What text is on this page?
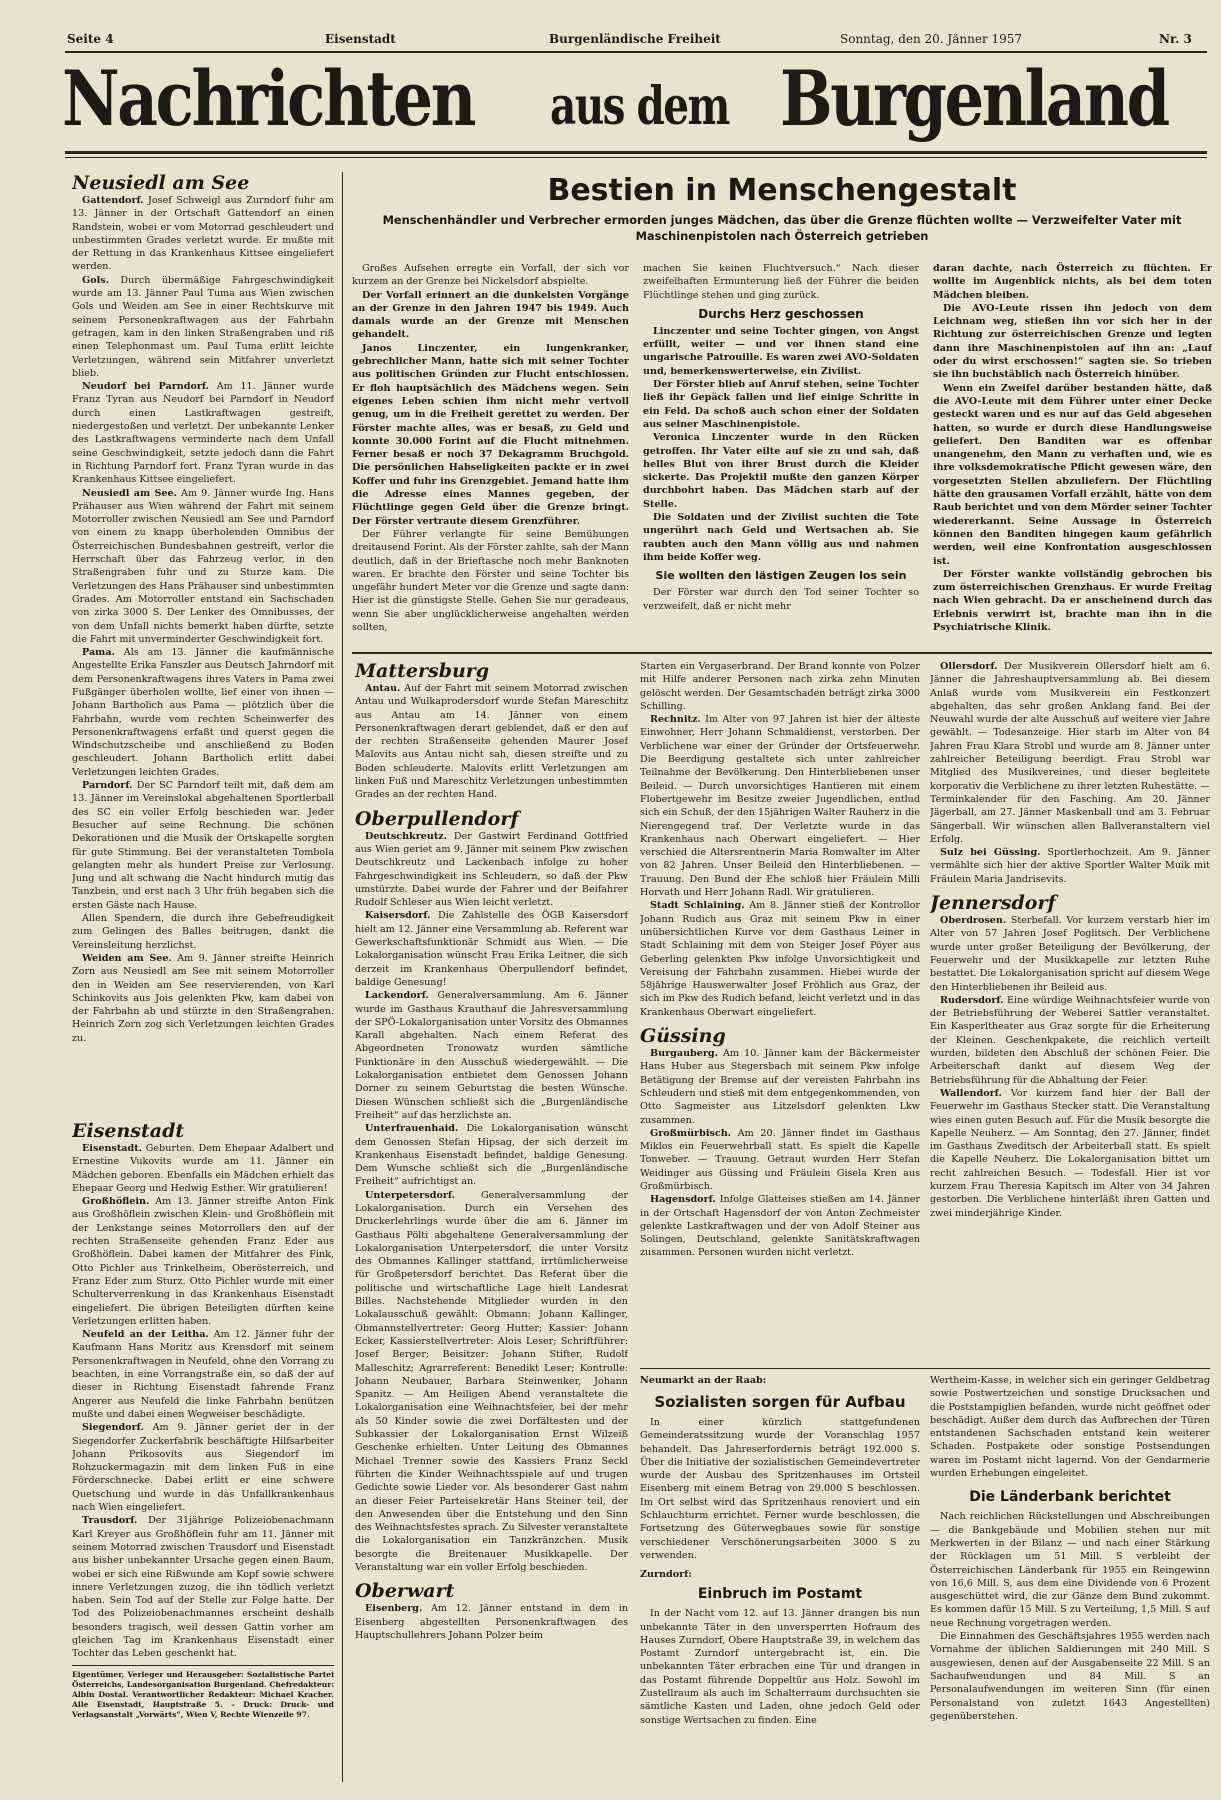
Seite 4	Eisenstadt	Burgenländische Freiheit	Sonntag, den 20. Jänner 1957	Nr. 3
Nachrichten aus dem Burgenland
Neusiedl am See

Gattendorf. Josef Schweigl aus Zurndorf fuhr am 13. Jänner in der Ortschaft Gattendorf an einen Randstein, wobei er vom Motorrad geschleudert und unbestimmten Grades verletzt wurde. Er mußte mit der Rettung in das Krankenhaus Kittsee eingeliefert werden.

Gols. Durch übermäßige Fahrgeschwindigkeit wurde am 13. Jänner Paul Tuma aus Wien zwischen Gols und Weiden am See in einer Rechtskurve mit seinem Personenkraftwagen aus der Fahrbahn getragen, kam in den linken Straßengraben und riß einen Telephonmast um. Paul Tuma erlitt leichte Verletzungen, während sein Mitfahrer unverletzt blieb.

Neudorf bei Parndorf. Am 11. Jänner wurde Franz Tyran aus Neudorf bei Parndorf in Neudorf durch einen Lastkraftwagen gestreift, niedergestoßen und verletzt. Der unbekannte Lenker des Lastkraftwagens verminderte nach dem Unfall seine Geschwindigkeit, setzte jedoch dann die Fahrt in Richtung Parndorf fort. Franz Tyran wurde in das Krankenhaus Kittsee eingeliefert.

Neusiedl am See. Am 9. Jänner wurde Ing. Hans Prähauser aus Wien während der Fahrt mit seinem Motorroller zwischen Neusiedl am See und Parndorf von einem zu knapp überholenden Omnibus der Österreichischen Bundesbahnen gestreift, verlor die Herrschaft über das Fahrzeug verlor, in den Straßengraben fuhr und zu Sturze kam. Die Verletzungen des Hans Prähauser sind unbestimmten Grades. Am Motorroller entstand ein Sachschaden von zirka 3000 S. Der Lenker des Omnibusses, der von dem Unfall nichts bemerkt haben dürfte, setzte die Fahrt mit unverminderter Geschwindigkeit fort.

Pama. Als am 13. Jänner die kaufmännische Angestellte Erika Fanszler aus Deutsch Jahrndorf mit dem Personenkraftwagens ihres Vaters in Pama zwei Fußgänger überholen wollte, lief einer von ihnen — Johann Bartholich aus Pama — plötzlich über die Fahrbahn, wurde vom rechten Scheinwerfer des Personenkraftwagens erfaßt und querst gegen die Windschutzscheibe und anschließend zu Boden geschleudert. Johann Bartholich erlitt dabei Verletzungen leichten Grades.

Parndorf. Der SC Parndorf teilt mit, daß dem am 13. Jänner im Vereinslokal abgehaltenen Sportlerball des SC ein voller Erfolg beschieden war. Jeder Besucher auf seine Rechnung. Die schönen Dekorationen und die Musik der Ortskapelle sorgten für gute Stimmung. Bei der veranstalteten Tombola gelangten mehr als hundert Preise zur Verlosung. Jung und alt schwang die Nacht hindurch mutig das Tanzbein, und erst nach 3 Uhr früh begaben sich die ersten Gäste nach Hause.

Allen Spendern, die durch ihre Gebefreudigkeit zum Gelingen des Balles beitrugen, dankt die Vereinsleitung herzlichst.

Weiden am See. Am 9. Jänner streifte Heinrich Zorn aus Neusiedl am See mit seinem Motorroller den in Weiden am See reservierenden, von Karl Schinkovits aus Jois gelenkten Pkw, kam dabei von der Fahrbahn ab und stürzte in den Straßengraben. Heinrich Zorn zog sich Verletzungen leichten Grades zu.

Eisenstadt

Eisenstadt. Geburten. Dem Ehepaar Adalbert und Ernestine Vukovits wurde am 11. Jänner ein Mädchen geboren. Ebenfalls ein Mädchen erhielt das Ehepaar Georg und Hedwig Esther. Wir gratulieren!

Großhöflein. Am 13. Jänner streifte Anton Fink aus Großhöflein zwischen Klein- und Großhöflein mit der Lenkstange seines Motorrollers den auf der rechten Straßenseite gehenden Franz Eder aus Großhöflein. Dabei kamen der Mitfahrer des Fink, Otto Pichler aus Trinkelheim, Oberösterreich, und Franz Eder zum Sturz. Otto Pichler wurde mit einer Schulterverrenkung in das Krankenhaus Eisenstadt eingeliefert. Die übrigen Beteiligten dürften keine Verletzungen erlitten haben.

Neufeld an der Leitha. Am 12. Jänner fuhr der Kaufmann Hans Moritz aus Krensdorf mit seinem Personenkraftwagen in Neufeld, ohne den Vorrang zu beachten, in eine Vorrangstraße ein, so daß der auf dieser in Richtung Eisenstadt fahrende Franz Angerer aus Neufeld die linke Fahrbahn benützen mußte und dabei einen Wegweiser beschädigte.

Siegendorf. Am 9. Jänner geriet der in der Siegendorfer Zuckerfabrik beschäftigte Hilfsarbeiter Johann Prikosovits aus Siegendorf im Rohzuckermagazin mit dem linken Fuß in eine Förderschnecke. Dabei erlitt er eine schwere Quetschung und wurde in das Unfallkrankenhaus nach Wien eingeliefert.

Trausdorf. Der 31jährige Polizeiobenachmann Karl Kreyer aus Großhöflein fuhr am 11. Jänner mit seinem Motorrad zwischen Trausdorf und Eisenstadt aus bisher unbekannter Ursache gegen einen Baum, wobei er sich eine Rißwunde am Kopf sowie schwere innere Verletzungen zuzog, die ihn tödlich verletzt haben. Sein Tod auf der Stelle zur Folge hatte. Der Tod des Polizeiobenachmannes erscheint deshalb besonders tragisch, weil dessen Gattin vorher am gleichen Tag im Krankenhaus Eisenstadt einer Tochter das Leben geschenkt hat.

Eigentümer, Verleger und Herausgeber: Sozialistische Partei Österreichs, Landesorganisation Burgenland. Chefredakteur: Albin Dostal. Verantwortlicher Redakteur: Michael Kracher. Alle Eisenstadt, Hauptstraße 5. – Druck: Druck- und Verlagsanstalt „Vorwärts“, Wien V, Rechte Wienzeile 97.
Bestien in Menschengestalt
Menschenhändler und Verbrecher ermorden junges Mädchen, das über die Grenze flüchten wollte — Verzweifelter Vater mit Maschinenpistolen nach Österreich getrieben

Großes Aufsehen erregte ein Vorfall, der sich vor kurzem an der Grenze bei Nickelsdorf abspielte.

Der Vorfall erinnert an die dunkelsten Vorgänge an der Grenze in den Jahren 1947 bis 1949. Auch damals wurde an der Grenze mit Menschen gehandelt.

Janos Linczenter, ein lungenkranker, gebrechlicher Mann, hatte sich mit seiner Tochter aus politischen Gründen zur Flucht entschlossen. Er floh hauptsächlich des Mädchens wegen. Sein eigenes Leben schien ihm nicht mehr vertvoll genug, um in die Freiheit gerettet zu werden. Der Förster machte alles, was er besaß, zu Geld und konnte 30.000 Forint auf die Flucht mitnehmen. Ferner besaß er noch 37 Dekagramm Bruchgold. Die persönlichen Habseligkeiten packte er in zwei Koffer und fuhr ins Grenzgebiet. Jemand hatte ihm die Adresse eines Mannes gegeben, der Flüchtlinge gegen Geld über die Grenze bringt. Der Förster vertraute diesem Grenzführer.

Der Führer verlangte für seine Bemühungen dreitausend Forint. Als der Förster zahlte, sah der Mann deutlich, daß in der Brieftasche noch mehr Banknoten waren. Er brachte den Förster und seine Tochter bis ungefähr hundert Meter vor die Grenze und sagte dann: Hier ist die günstigste Stelle. Gehen Sie nur geradeaus, wenn Sie aber unglücklicherweise angehalten werden sollten,

machen Sie keinen Fluchtversuch.“ Nach dieser zweifelhaften Ermunterung ließ der Führer die beiden Flüchtlinge stehen und ging zurück.

Durchs Herz geschossen

Linczenter und seine Tochter gingen, von Angst erfüllt, weiter — und vor ihnen stand eine ungarische Patrouille. Es waren zwei AVO-Soldaten und, bemerkenswerterweise, ein Zivilist.

Der Förster blieb auf Anruf stehen, seine Tochter ließ ihr Gepäck fallen und lief einige Schritte in ein Feld. Da schoß auch schon einer der Soldaten aus seiner Maschinenpistole.

Veronica Linczenter wurde in den Rücken getroffen. Ihr Vater eilte auf sie zu und sah, daß helles Blut von ihrer Brust durch die Kleider sickerte. Das Projektil mußte den ganzen Körper durchbohrt haben. Das Mädchen starb auf der Stelle.

Die Soldaten und der Zivilist suchten die Tote ungerührt nach Geld und Wertsachen ab. Sie raubten auch den Mann völlig aus und nahmen ihm beide Koffer weg.

Sie wollten den lästigen Zeugen los sein

Der Förster war durch den Tod seiner Tochter so verzweifelt, daß er nicht mehr

daran dachte, nach Österreich zu flüchten. Er wollte im Augenblick nichts, als bei dem toten Mädchen bleiben.

Die AVO-Leute rissen ihn jedoch von dem Leichnam weg, stießen ihn vor sich her in der Richtung zur österreichischen Grenze und legten dann ihre Maschinenpistolen auf ihn an: „Lauf oder du wirst erschossen!“ sagten sie. So trieben sie ihn buchstäblich nach Österreich hinüber.

Wenn ein Zweifel darüber bestanden hätte, daß die AVO-Leute mit dem Führer unter einer Decke gesteckt waren und es nur auf das Geld abgesehen hatten, so wurde er durch diese Handlungsweise geliefert. Den Banditen war es offenbar unangenehm, den Mann zu verhaften und, wie es ihre volksdemokratische Pflicht gewesen wäre, den vorgesetzten Stellen abzuliefern. Der Flüchtling hätte den grausamen Vorfall erzählt, hätte von dem Raub berichtet und von dem Mörder seiner Tochter wiedererkannt. Seine Aussage in Österreich können den Banditen hingegen kaum gefährlich werden, weil eine Konfrontation ausgeschlossen ist.

Der Förster wankte vollständig gebrochen bis zum österreichischen Grenzhaus. Er wurde Freitag nach Wien gebracht. Da er anscheinend durch das Erlebnis verwirrt ist, brachte man ihn in die Psychiatrische Klinik.

Mattersburg

Antau. Auf der Fahrt mit seinem Motorrad zwischen Antau und Wulkaprodersdorf wurde Stefan Mareschitz aus Antau am 14. Jänner von einem Personenkraftwagen derart geblendet, daß er den auf der rechten Straßenseite gehenden Maurer Josef Malovits aus Antau nicht sah, diesen streifte und zu Boden schleuderte. Malovits erlitt Verletzungen am linken Fuß und Mareschitz Verletzungen unbestimmten Grades an der rechten Hand.

Oberpullendorf

Deutschkreutz. Der Gastwirt Ferdinand Gottfried aus Wien geriet am 9. Jänner mit seinem Pkw zwischen Deutschkreutz und Lackenbach infolge zu hoher Fahrgeschwindigkeit ins Schleudern, so daß der Pkw umstürzte. Dabei wurde der Fahrer und der Beifahrer Rudolf Schleser aus Wien leicht verletzt.

Kaisersdorf. Die Zahlstelle des ÖGB Kaisersdorf hielt am 12. Jänner eine Versammlung ab. Referent war Gewerkschaftsfunktionär Schmidt aus Wien. — Die Lokalorganisation wünscht Frau Erika Leitner, die sich derzeit im Krankenhaus Oberpullendorf befindet, baldige Genesung!

Lackendorf. Generalversammlung. Am 6. Jänner wurde im Gasthaus Krauthauf die Jahresversammlung der SPÖ-Lokalorganisation unter Vorsitz des Obmannes Karall abgehalten. Nach einem Referat des Abgeordneten Tronowatz wurden sämtliche Funktionäre in den Ausschuß wiedergewählt. — Die Lokalorganisation entbietet dem Genossen Johann Dorner zu seinem Geburtstag die besten Wünsche. Diesen Wünschen schließt sich die „Burgenländische Freiheit“ auf das herzlichste an.

Unterfrauenhaid. Die Lokalorganisation wünscht dem Genossen Stefan Hipsag, der sich derzeit im Krankenhaus Eisenstadt befindet, baldige Genesung. Dem Wunsche schließt sich die „Burgenländische Freiheit“ aufrichtigst an.

Unterpetersdorf. Generalversammlung der Lokalorganisation. Durch ein Versehen des Druckerlehrlings wurde über die am 6. Jänner im Gasthaus Pölti abgehaltene Generalversammlung der Lokalorganisation Unterpetersdorf, die unter Vorsitz des Obmannes Kallinger stattfand, irrtümlicherweise für Großpetersdorf berichtet. Das Referat über die politische und wirtschaftliche Lage hielt Landesrat Billes. Nachstehende Mitglieder wurden in den Lokalausschuß gewählt: Obmann: Johann Kallinger, Obmannstellvertreter: Georg Hutter; Kassier: Johann Ecker, Kassierstellvertreter: Alois Leser; Schriftführer: Josef Berger; Beisitzer: Johann Stifter, Rudolf Malleschitz; Agrarreferent: Benedikt Leser; Kontrolle: Johann Neubauer, Barbara Steinwenker, Johann Spanitz. — Am Heiligen Abend veranstaltete die Lokalorganisation eine Weihnachtsfeier, bei der mehr als 50 Kinder sowie die zwei Dorfältesten und der Subkassier der Lokalorganisation Ernst Wilzeiß Geschenke erhielten. Unter Leitung des Obmannes Michael Trenner sowie des Kassiers Franz Seckl führten die Kinder Weihnachtsspiele auf und trugen Gedichte sowie Lieder vor. Als besonderer Gast nahm an dieser Feier Parteisekretär Hans Steiner teil, der den Anwesenden über die Entstehung und den Sinn des Weihnachtsfestes sprach. Zu Silvester veranstaltete die Lokalorganisation ein Tanzkränzchen. Musik besorgte die Breitenauer Musikkapelle. Der Veranstaltung war ein voller Erfolg beschieden.

Oberwart

Eisenberg. Am 12. Jänner entstand in dem in Eisenberg abgestellten Personenkraftwagen des Hauptschullehrers Johann Polzer beim

Starten ein Vergaserbrand. Der Brand konnte von Polzer mit Hilfe anderer Personen nach zirka zehn Minuten gelöscht werden. Der Gesamtschaden beträgt zirka 3000 Schilling.

Rechnitz. Im Alter von 97 Jahren ist hier der älteste Einwohner, Herr Johann Schmaldienst, verstorben. Der Verblichene war einer der Gründer der Ortsfeuerwehr. Die Beerdigung gestaltete sich unter zahlreicher Teilnahme der Bevölkerung. Den Hinterbliebenen unser Beileid. — Durch unvorsichtiges Hantieren mit einem Flobertgewehr im Besitze zweier Jugendlichen, entlud sich ein Schuß, der den 15jährigen Walter Rauherz in die Nierengegend traf. Der Verletzte wurde in das Krankenhaus nach Oberwart eingeliefert. — Hier verschied die Altersrentnerin Maria Romwalter im Alter von 82 Jahren. Unser Beileid den Hinterbliebenen. — Trauung. Den Bund der Ehe schloß hier Fräulein Milli Horvath und Herr Johann Radl. Wir gratulieren.

Stadt Schlaining. Am 8. Jänner stieß der Kontrollor Johann Rudich aus Graz mit seinem Pkw in einer unübersichtlichen Kurve vor dem Gasthaus Leiner in Stadt Schlaining mit dem von Steiger Josef Pöyer aus Geberling gelenkten Pkw infolge Unvorsichtigkeit und Vereisung der Fahrbahn zusammen. Hiebei wurde der 58jährige Hauswerwalter Josef Fröhlich aus Graz, der sich im Pkw des Rudich befand, leicht verletzt und in das Krankenhaus Oberwart eingeliefert.

Güssing

Burgauberg. Am 10. Jänner kam der Bäckermeister Hans Huber aus Stegersbach mit seinem Pkw infolge Betätigung der Bremse auf der vereisten Fahrbahn ins Schleudern und stieß mit dem entgegenkommenden, von Otto Sagmeister aus Litzelsdorf gelenkten Lkw zusammen.

Großmürbisch. Am 20. Jänner findet im Gasthaus Miklos ein Feuerwehrball statt. Es spielt die Kapelle Tonweber. — Trauung. Getraut wurden Herr Stefan Weidinger aus Güssing und Fräulein Gisela Kren aus Großmürbisch.

Hagensdorf. Infolge Glatteises stießen am 14. Jänner in der Ortschaft Hagensdorf der von Anton Zechmeister gelenkte Lastkraftwagen und der von Adolf Steiner aus Solingen, Deutschland, gelenkte Sanitätskraftwagen zusammen. Personen wurden nicht verletzt.

Ollersdorf. Der Musikverein Ollersdorf hielt am 6. Jänner die Jahreshauptversammlung ab. Bei diesem Anlaß wurde vom Musikverein ein Festkonzert abgehalten, das sehr großen Anklang fand. Bei der Neuwahl wurde der alte Ausschuß auf weitere vier Jahre gewählt. — Todesanzeige. Hier starb im Alter von 84 Jahren Frau Klara Strobl und wurde am 8. Jänner unter zahlreicher Beteiligung beerdigt. Frau Strobl war Mitglied des Musikvereines, und dieser begleitete korporativ die Verblichene zu ihrer letzten Ruhestätte. — Terminkalender für den Fasching. Am 20. Jänner Jägerball, am 27. Jänner Maskenball und am 3. Februar Sängerball. Wir wünschen allen Ballveranstaltern viel Erfolg.

Sulz bei Güssing. Sportlerhochzeit. Am 9. Jänner vermählte sich hier der aktive Sportler Walter Muik mit Fräulein Maria Jandrisevits.

Jennersdorf

Oberdrosen. Sterbefall. Vor kurzem verstarb hier im Alter von 57 Jahren Josef Poglitsch. Der Verblichene wurde unter großer Beteiligung der Bevölkerung, der Feuerwehr und der Musikkapelle zur letzten Ruhe bestattet. Die Lokalorganisation spricht auf diesem Wege den Hinterbliebenen ihr Beileid aus.

Rudersdorf. Eine würdige Weihnachtsfeier wurde von der Betriebsführung der Weberei Sattler veranstaltet. Ein Kasperltheater aus Graz sorgte für die Erheiterung der Kleinen. Geschenkpakete, die reichlich verteilt wurden, bildeten den Abschluß der schönen Feier. Die Arbeiterschaft dankt auf diesem Weg der Betriebsführung für die Abhaltung der Feier.

Wallendorf. Vor kurzem fand hier der Ball der Feuerwehr im Gasthaus Stecker statt. Die Veranstaltung wies einen guten Besuch auf. Für die Musik besorgte die Kapelle Neuherz. — Am Sonntag, den 27. Jänner, findet im Gasthaus Zweditsch der Arbeiterball statt. Es spielt die Kapelle Neuherz. Die Lokalorganisation bittet um recht zahlreichen Besuch. — Todesfall. Hier ist vor kurzem Frau Theresia Kapitsch im Alter von 34 Jahren gestorben. Die Verblichene hinterläßt ihren Gatten und zwei minderjährige Kinder.

Neumarkt an der Raab:
Sozialisten sorgen für Aufbau

In einer kürzlich stattgefundenen Gemeinderatssitzung wurde der Voranschlag 1957 behandelt. Das Jahreserfordernis beträgt 192.000 S. Über die Initiative der sozialistischen Gemeindevertreter wurde der Ausbau des Spritzenhauses im Ortsteil Eisenberg mit einem Betrag von 29.000 S beschlossen. Im Ort selbst wird das Spritzenhaus renoviert und ein Schlauchturm errichtet. Ferner wurde beschlossen, die Fortsetzung des Güterwegbaues sowie für sonstige verschiedener Verschönerungsarbeiten 3000 S zu verwenden.

Zurndorf:
Einbruch im Postamt

In der Nacht vom 12. auf 13. Jänner drangen bis nun unbekannte Täter in den unversperrten Hofraum des Hauses Zurndorf, Obere Hauptstraße 39, in welchem das Postamt Zurndorf untergebracht ist, ein. Die unbekannten Täter erbrachen eine Tür und drangen in das Postamt führende Doppeltür aus Holz. Sowohl im Zustellraum als auch im Schalterraum durchsuchten sie sämtliche Kasten und Laden, ohne jedoch Geld oder sonstige Wertsachen zu finden. Eine

Wertheim-Kasse, in welcher sich ein geringer Geldbetrag sowie Postwertzeichen und sonstige Drucksachen und die Poststampiglien befanden, wurde nicht geöffnet oder beschädigt. Außer dem durch das Aufbrechen der Türen entstandenen Sachschaden entstand kein weiterer Schaden. Postpakete oder sonstige Postsendungen waren im Postamt nicht lagernd. Von der Gendarmerie wurden Erhebungen eingeleitet.

Die Länderbank berichtet

Nach reichlichen Rückstellungen und Abschreibungen — die Bankgebäude und Mobilien stehen nur mit Merkwerten in der Bilanz — und nach einer Stärkung der Rücklagen um 51 Mill. S verbleibt der Österreichischen Länderbank für 1955 ein Reingewinn von 16,6 Mill. S, aus dem eine Dividende von 6 Prozent ausgeschüttet wird, die zur Gänze dem Bund zukommt. Es kommen dafür 15 Mill. S zu Verteilung, 1,5 Mill. S auf neue Rechnung vorgetragen werden.

Die Einnahmen des Geschäftsjahres 1955 werden nach Vornahme der üblichen Saldierungen mit 240 Mill. S ausgewiesen, denen auf der Ausgabenseite 22 Mill. S an Sachaufwendungen und 84 Mill. S an Personalaufwendungen im weiteren Sinn (für einen Personalstand von zuletzt 1643 Angestellten) gegenüberstehen.
